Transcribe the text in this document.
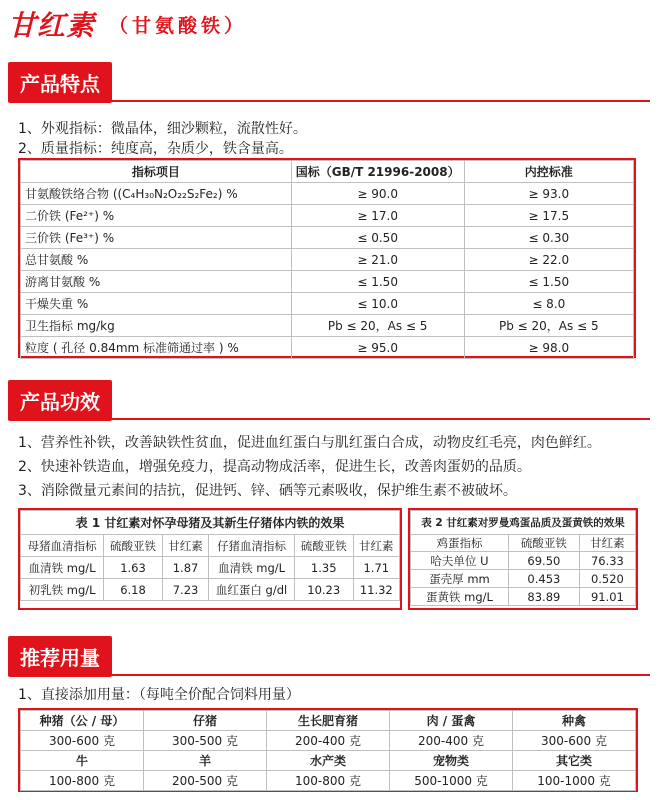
甘红素 （甘氨酸铁）
产品特点
1、外观指标：微晶体，细沙颗粒，流散性好。
2、质量指标：纯度高，杂质少，铁含量高。
指标项目	国标（GB/T 21996-2008）	内控标准
甘氨酸铁络合物 ((C₄H₃₀N₂O₂₂S₂Fe₂) %	≥ 90.0	≥ 93.0
二价铁 (Fe²⁺) %	≥ 17.0	≥ 17.5
三价铁 (Fe³⁺) %	≤ 0.50	≤ 0.30
总甘氨酸 %	≥ 21.0	≥ 22.0
游离甘氨酸 %	≤ 1.50	≤ 1.50
干燥失重 %	≤ 10.0	≤ 8.0
卫生指标 mg/kg	Pb ≤ 20，As ≤ 5	Pb ≤ 20，As ≤ 5
粒度 ( 孔径 0.84mm 标准筛通过率 ) %	≥ 95.0	≥ 98.0
产品功效
1、营养性补铁，改善缺铁性贫血，促进血红蛋白与肌红蛋白合成，动物皮红毛亮，肉色鲜红。
2、快速补铁造血，增强免疫力，提高动物成活率，促进生长，改善肉蛋奶的品质。
3、消除微量元素间的拮抗，促进钙、锌、硒等元素吸收，保护维生素不被破坏。
表 1 甘红素对怀孕母猪及其新生仔猪体内铁的效果					
母猪血清指标	硫酸亚铁	甘红素	仔猪血清指标	硫酸亚铁	甘红素
血清铁 mg/L	1.63	1.87	血清铁 mg/L	1.35	1.71
初乳铁 mg/L	6.18	7.23	血红蛋白 g/dl	10.23	11.32
表 2 甘红素对罗曼鸡蛋品质及蛋黄铁的效果		
鸡蛋指标	硫酸亚铁	甘红素
哈夫单位 U	69.50	76.33
蛋壳厚 mm	0.453	0.520
蛋黄铁 mg/L	83.89	91.01
推荐用量
1、直接添加用量：（每吨全价配合饲料用量）
种猪（公 / 母）	仔猪	生长肥育猪	肉 / 蛋禽	种禽
300-600 克	300-500 克	200-400 克	200-400 克	300-600 克
牛	羊	水产类	宠物类	其它类
100-800 克	200-500 克	100-800 克	500-1000 克	100-1000 克
